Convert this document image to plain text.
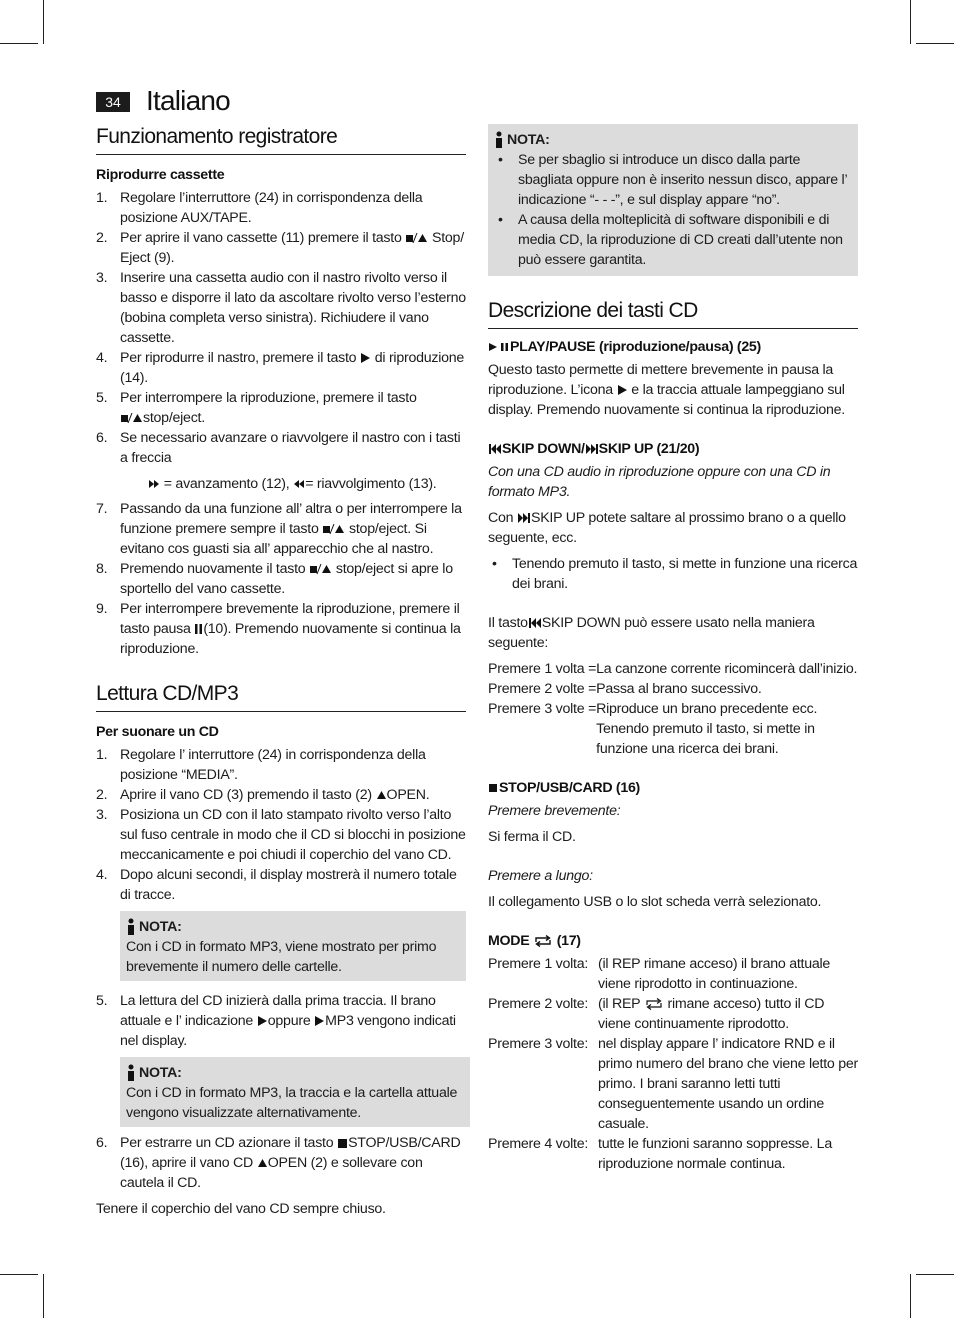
34 Italiano
Funzionamento registratore
Riprodurre cassette
1. Regolare l’interruttore (24) in corrispondenza della posizione AUX/TAPE.
2. Per aprire il vano cassette (11) premere il tasto Stop/ Eject (9).
3. Inserire una cassetta audio con il nastro rivolto verso il basso e disporre il lato da ascoltare rivolto verso l’esterno (bobina completa verso sinistra). Richiudere il vano cassette.
4. Per riprodurre il nastro, premere il tasto di riproduzione (14).
5. Per interrompere la riproduzione, premere il tasto
stop/eject.
6. Se necessario avanzare o riavvolgere il nastro con i tasti a freccia
= avanzamento (12), = riavvolgimento (13).
7. Passando da una funzione all’ altra o per interrompere la funzione premere sempre il tasto stop/eject. Si evitano cos guasti sia all’ apparecchio che al nastro.
8. Premendo nuovamente il tasto stop/eject si apre lo sportello del vano cassette.
9. Per interrompere brevemente la riproduzione, premere il tasto pausa (10). Premendo nuovamente si continua la riproduzione.
Lettura CD/MP3
Per suonare un CD
1. Regolare l’ interruttore (24) in corrispondenza della posizione “MEDIA”.
2. Aprire il vano CD (3) premendo il tasto (2) OPEN.
3. Posiziona un CD con il lato stampato rivolto verso l’alto sul fuso centrale in modo che il CD si blocchi in posizione meccanicamente e poi chiudi il coperchio del vano CD.
4. Dopo alcuni secondi, il display mostrerà il numero totale di tracce.
NOTA:
Con i CD in formato MP3, viene mostrato per primo brevemente il numero delle cartelle.
5. La lettura del CD inizierà dalla prima traccia. Il brano attuale e l’ indicazione oppure MP3 vengono indicati nel display.
NOTA:
Con i CD in formato MP3, la traccia e la cartella attuale vengono visualizzate alternativamente.
6. Per estrarre un CD azionare il tasto STOP/USB/CARD (16), aprire il vano CD OPEN (2) e sollevare con cautela il CD.

Tenere il coperchio del vano CD sempre chiuso.

NOTA:
• Se per sbaglio si introduce un disco dalla parte sbagliata oppure non è inserito nessun disco, appare l’ indicazione “- - -”, e sul display appare “no”.
• A causa della molteplicità di software disponibili e di media CD, la riproduzione di CD creati dall’utente non può essere garantita.
Descrizione dei tasti CD
PLAY/PAUSE (riproduzione/pausa) (25)

Questo tasto permette di mettere brevemente in pausa la riproduzione. L’icona e la traccia attuale lampeggiano sul display. Premendo nuovamente si continua la riproduzione.

SKIP DOWN/ SKIP UP (21/20)

Con una CD audio in riproduzione oppure con una CD in formato MP3.

Con SKIP UP potete saltare al prossimo brano o a quello seguente, ecc.

• Tenendo premuto il tasto, si mette in funzione una ricerca dei brani.

Il tasto SKIP DOWN può essere usato nella maniera seguente:

Premere 1 volta = La canzone corrente ricomincerà dall’inizio.
Premere 2 volte = Passa al brano successivo.
Premere 3 volte = Riproduce un brano precedente ecc. Tenendo premuto il tasto, si mette in funzione una ricerca dei brani.
STOP/USB/CARD (16)

Premere brevemente:

Si ferma il CD.

Premere a lungo:

Il collegamento USB o lo slot scheda verrà selezionato.

MODE (17)
Premere 1 volta: (il REP rimane acceso) il brano attuale viene riprodotto in continuazione.
Premere 2 volte: (il REP rimane acceso) tutto il CD viene continuamente riprodotto.
Premere 3 volte: nel display appare l’ indicatore RND e il primo numero del brano che viene letto per primo. I brani saranno letti tutti conseguentemente usando un ordine casuale.
Premere 4 volte: tutte le funzioni saranno soppresse. La riproduzione normale continua.
